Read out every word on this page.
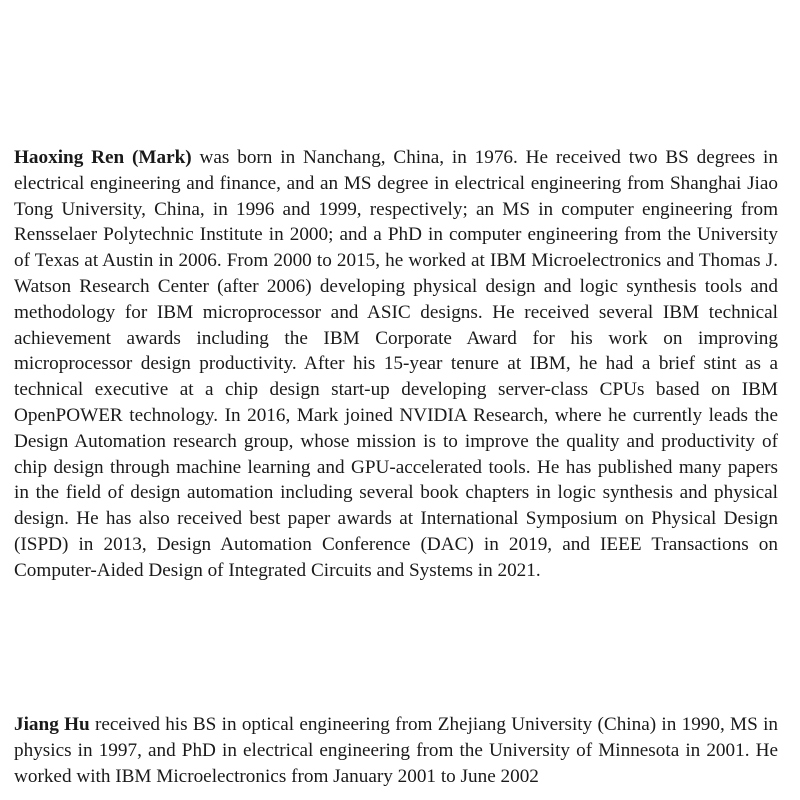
Haoxing Ren (Mark) was born in Nanchang, China, in 1976. He received two BS degrees in electrical engineering and finance, and an MS degree in electrical engineering from Shanghai Jiao Tong University, China, in 1996 and 1999, respectively; an MS in computer engineering from Rensselaer Polytechnic Institute in 2000; and a PhD in computer engineering from the University of Texas at Austin in 2006. From 2000 to 2015, he worked at IBM Microelectronics and Thomas J. Watson Research Center (after 2006) developing physical design and logic synthesis tools and methodology for IBM microprocessor and ASIC designs. He received several IBM technical achievement awards including the IBM Corporate Award for his work on improving microprocessor design productivity. After his 15-year tenure at IBM, he had a brief stint as a technical executive at a chip design start-up developing server-class CPUs based on IBM OpenPOWER technology. In 2016, Mark joined NVIDIA Research, where he currently leads the Design Automation research group, whose mission is to improve the quality and productivity of chip design through machine learning and GPU-accelerated tools. He has published many papers in the field of design automation including several book chapters in logic synthesis and physical design. He has also received best paper awards at International Symposium on Physical Design (ISPD) in 2013, Design Automation Conference (DAC) in 2019, and IEEE Transactions on Computer-Aided Design of Integrated Circuits and Systems in 2021.

Jiang Hu received his BS in optical engineering from Zhejiang University (China) in 1990, MS in physics in 1997, and PhD in electrical engineering from the University of Minnesota in 2001. He worked with IBM Microelectronics from January 2001 to June 2002
